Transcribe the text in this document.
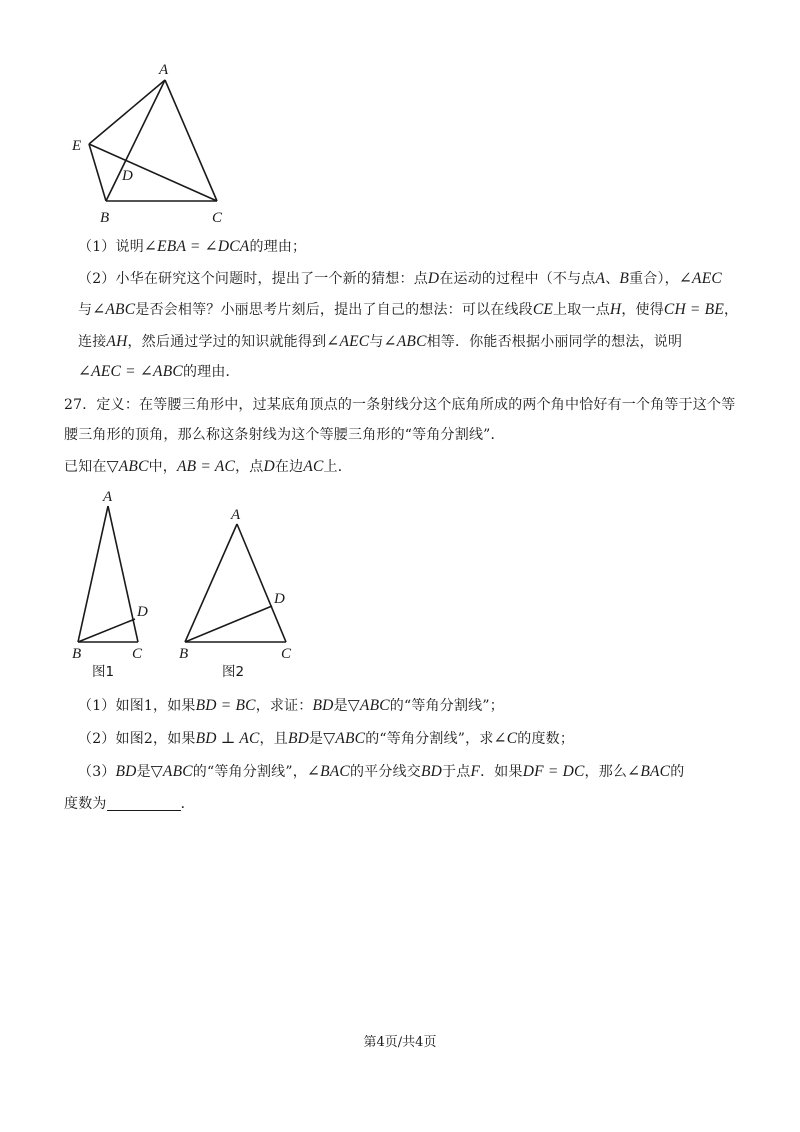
A
E
D
B	C
（1）说明∠EBA = ∠DCA的理由；
（2）小华在研究这个问题时，提出了一个新的猜想：点D在运动的过程中（不与点A、B重合），∠AEC
与∠ABC是否会相等？小丽思考片刻后，提出了自己的想法：可以在线段CE上取一点H，使得CH = BE，
连接AH，然后通过学过的知识就能得到∠AEC与∠ABC相等．你能否根据小丽同学的想法，说明
∠AEC = ∠ABC的理由．
27．定义：在等腰三角形中，过某底角顶点的一条射线分这个底角所成的两个角中恰好有一个角等于这个等
腰三角形的顶角，那么称这条射线为这个等腰三角形的“等角分割线”．
已知在▽ABC中，AB = AC，点D在边AC上．
A
D
B	C
图1
A
D
B	C
图2
（1）如图1，如果BD = BC，求证：BD是▽ABC的“等角分割线”；
（2）如图2，如果BD ⊥ AC，且BD是▽ABC的“等角分割线”，求∠C的度数；
（3）BD是▽ABC的“等角分割线”，∠BAC的平分线交BD于点F．如果DF = DC，那么∠BAC的
度数为	．
第4页/共4页
